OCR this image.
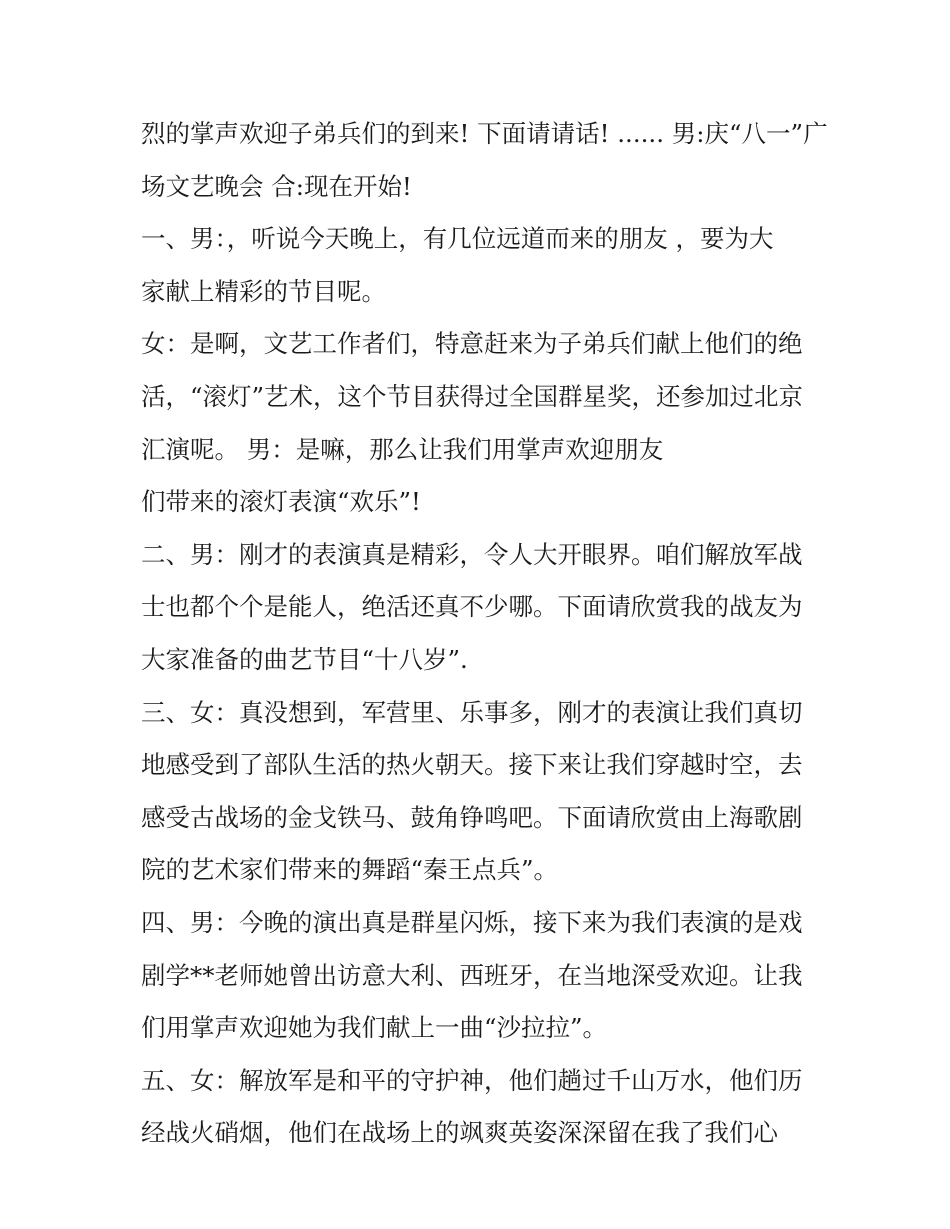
烈的掌声欢迎子弟兵们的到来! 下面请请话! ...... 男:庆“八一”广
场文艺晚会 合:现在开始!
一、男：，听说今天晚上，有几位远道而来的朋友 ，要为大
家献上精彩的节目呢。
女：是啊，文艺工作者们，特意赶来为子弟兵们献上他们的绝
活，“滚灯”艺术，这个节目获得过全国群星奖，还参加过北京
汇演呢。 男：是嘛，那么让我们用掌声欢迎朋友
们带来的滚灯表演“欢乐”!
二、男：刚才的表演真是精彩，令人大开眼界。咱们解放军战
士也都个个是能人，绝活还真不少哪。下面请欣赏我的战友为
大家准备的曲艺节目“十八岁”.
三、女：真没想到，军营里、乐事多，刚才的表演让我们真切
地感受到了部队生活的热火朝天。接下来让我们穿越时空，去
感受古战场的金戈铁马、鼓角铮鸣吧。下面请欣赏由上海歌剧
院的艺术家们带来的舞蹈“秦王点兵”。
四、男：今晚的演出真是群星闪烁，接下来为我们表演的是戏
剧学**老师她曾出访意大利、西班牙，在当地深受欢迎。让我
们用掌声欢迎她为我们献上一曲“沙拉拉”。
五、女：解放军是和平的守护神，他们趟过千山万水，他们历
经战火硝烟，他们在战场上的飒爽英姿深深留在我了我们心
